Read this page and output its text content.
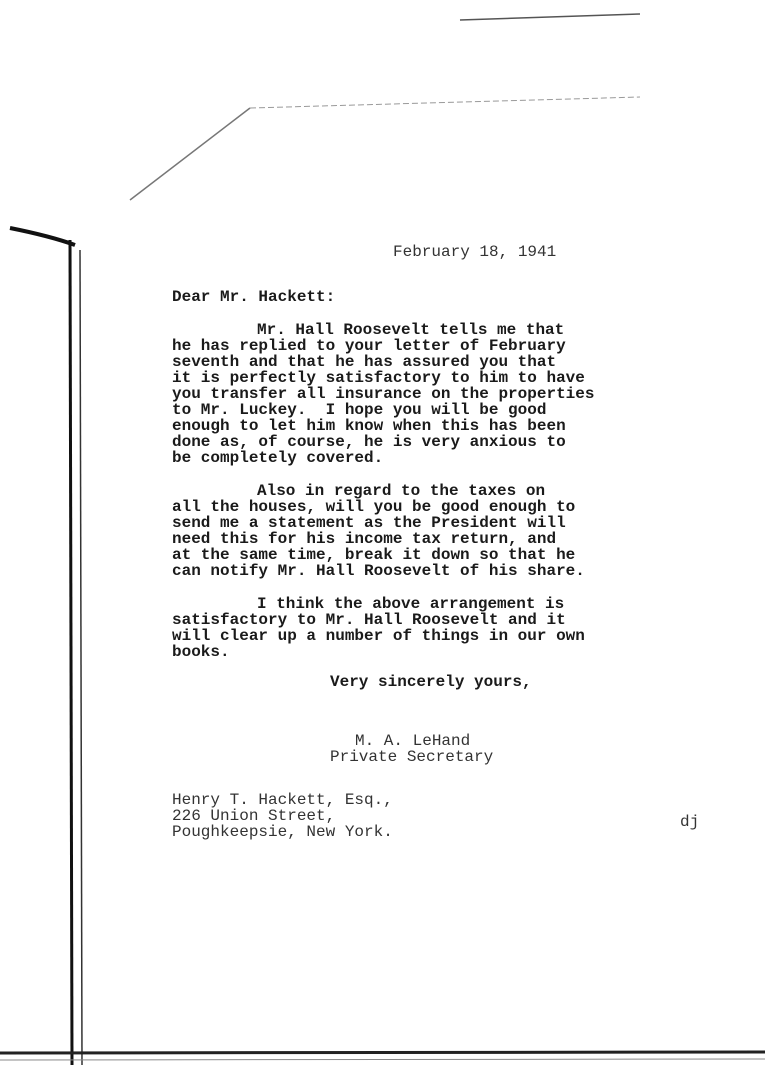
February 18, 1941
Dear Mr. Hackett:
Mr. Hall Roosevelt tells me that
he has replied to your letter of February
seventh and that he has assured you that
it is perfectly satisfactory to him to have
you transfer all insurance on the properties
to Mr. Luckey.  I hope you will be good
enough to let him know when this has been
done as, of course, he is very anxious to
be completely covered.
Also in regard to the taxes on
all the houses, will you be good enough to
send me a statement as the President will
need this for his income tax return, and
at the same time, break it down so that he
can notify Mr. Hall Roosevelt of his share.
I think the above arrangement is
satisfactory to Mr. Hall Roosevelt and it
will clear up a number of things in our own
books.
Very sincerely yours,
M. A. LeHand
Private Secretary
Henry T. Hackett, Esq.,
226 Union Street,
Poughkeepsie, New York.
dj
